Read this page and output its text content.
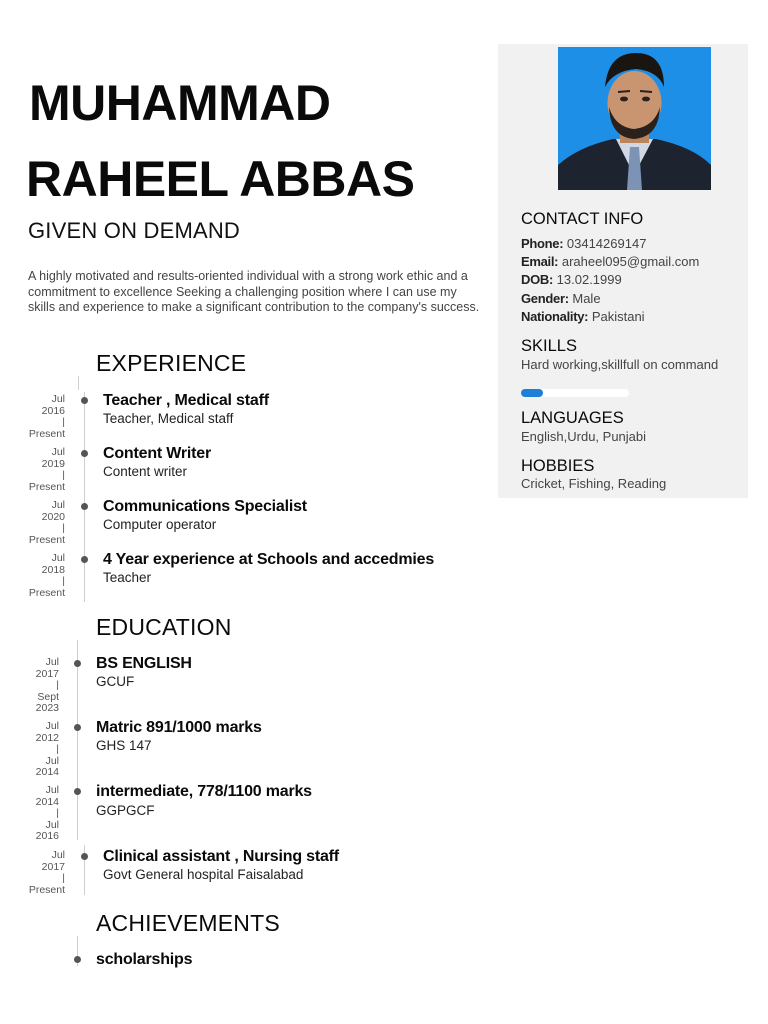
MUHAMMAD
RAHEEL ABBAS
GIVEN ON DEMAND
A highly motivated and results-oriented individual with a strong work ethic and a commitment to excellence Seeking a challenging position where I can use my skills and experience to make a significant contribution to the company's success.
EXPERIENCE
Jul
2016
|
Present
Teacher , Medical staff
Teacher, Medical staff
Jul
2019
|
Present
Content Writer
Content writer
Jul
2020
|
Present
Communications Specialist
Computer operator
Jul
2018
|
Present
4 Year experience at Schools and accedmies
Teacher
EDUCATION
Jul
2017
|
Sept
2023
BS ENGLISH
GCUF
Jul
2012
|
Jul
2014
Matric 891/1000 marks
GHS 147
Jul
2014
|
Jul
2016
intermediate, 778/1100 marks
GGPGCF
Jul
2017
|
Present
Clinical assistant , Nursing staff
Govt General hospital Faisalabad
ACHIEVEMENTS
scholarships
CONTACT INFO
Phone: 03414269147
Email: araheel095@gmail.com
DOB: 13.02.1999
Gender: Male
Nationality: Pakistani
SKILLS
Hard working,skillfull on command
LANGUAGES
English,Urdu, Punjabi
HOBBIES
Cricket, Fishing, Reading
